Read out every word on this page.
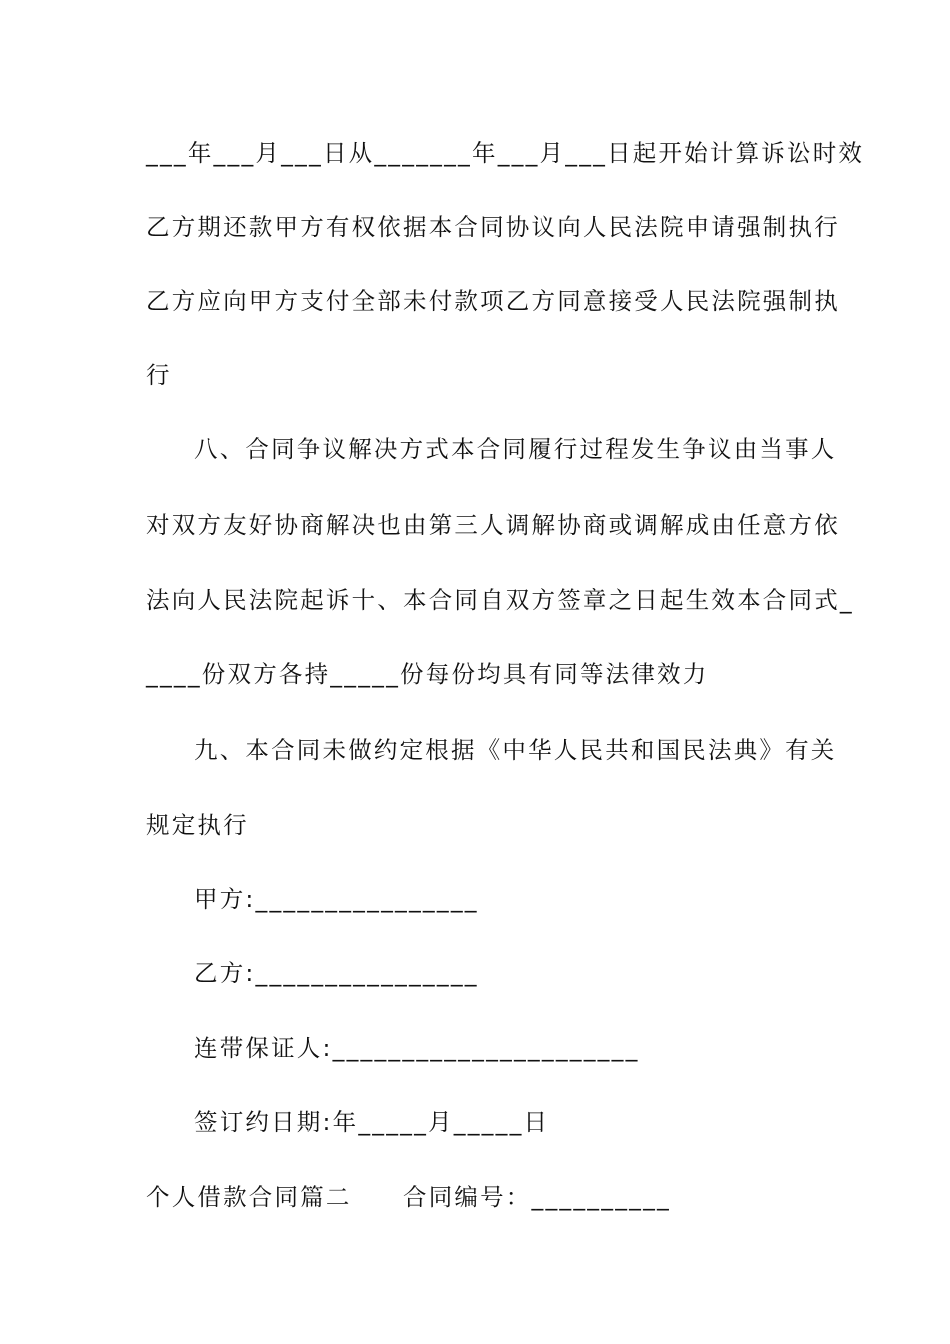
___年___月___日从_______年___月___日起开始计算诉讼时效
乙方期还款甲方有权依据本合同协议向人民法院申请强制执行
乙方应向甲方支付全部未付款项乙方同意接受人民法院强制执
行
八、合同争议解决方式本合同履行过程发生争议由当事人
对双方友好协商解决也由第三人调解协商或调解成由任意方依
法向人民法院起诉十、本合同自双方签章之日起生效本合同式_
____份双方各持_____份每份均具有同等法律效力
九、本合同未做约定根据《中华人民共和国民法典》有关
规定执行
甲方:________________
乙方:________________
连带保证人:______________________
签订约日期:年_____月_____日
个人借款合同篇二　　合同编号：__________
